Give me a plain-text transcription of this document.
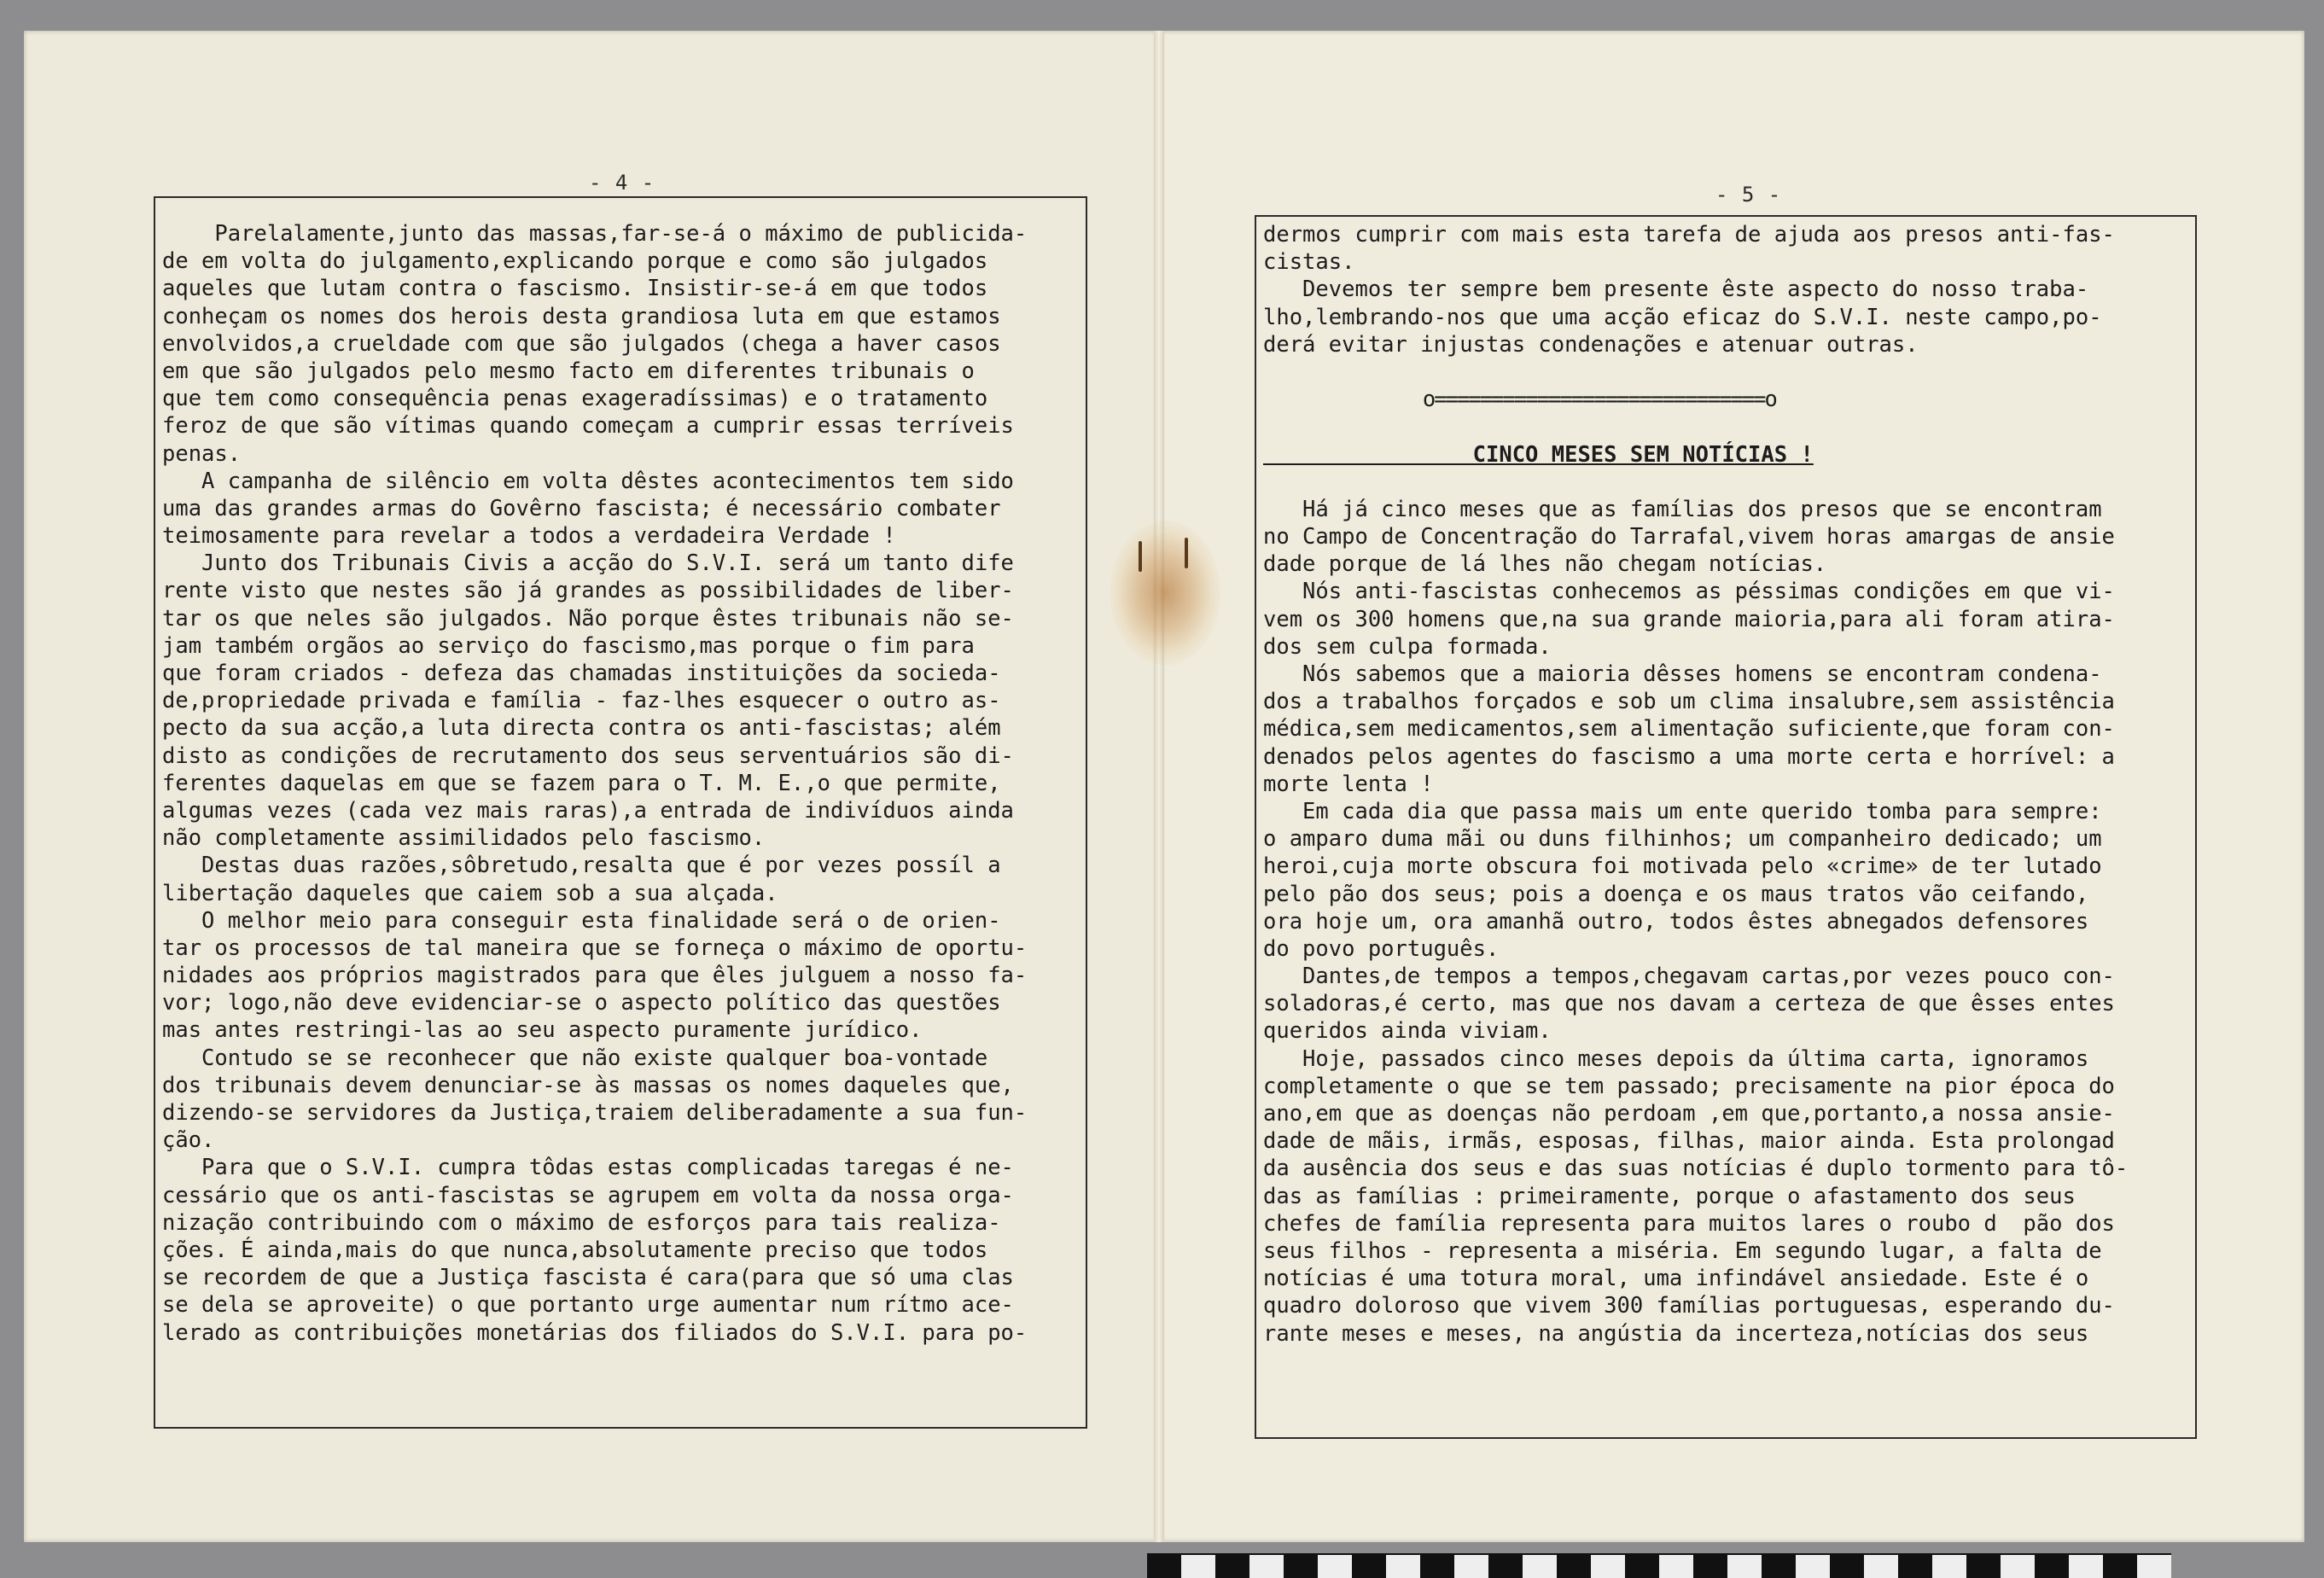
- 4 -	- 5 -
Parelalamente,junto das massas,far-se-á o máximo de publicida-
de em volta do julgamento,explicando porque e como são julgados
aqueles que lutam contra o fascismo. Insistir-se-á em que todos
conheçam os nomes dos herois desta grandiosa luta em que estamos
envolvidos,a crueldade com que são julgados (chega a haver casos
em que são julgados pelo mesmo facto em diferentes tribunais o
que tem como consequência penas exageradíssimas) e o tratamento
feroz de que são vítimas quando começam a cumprir essas terríveis
penas.
A campanha de silêncio em volta dêstes acontecimentos tem sido
uma das grandes armas do Govêrno fascista; é necessário combater
teimosamente para revelar a todos a verdadeira Verdade !
Junto dos Tribunais Civis a acção do S.V.I. será um tanto dife
rente visto que nestes são já grandes as possibilidades de liber-
tar os que neles são julgados. Não porque êstes tribunais não se-
jam também orgãos ao serviço do fascismo,mas porque o fim para
que foram criados - defeza das chamadas instituições da socieda-
de,propriedade privada e família - faz-lhes esquecer o outro as-
pecto da sua acção,a luta directa contra os anti-fascistas; além
disto as condições de recrutamento dos seus serventuários são di-
ferentes daquelas em que se fazem para o T. M. E.,o que permite,
algumas vezes (cada vez mais raras),a entrada de indivíduos ainda
não completamente assimilidados pelo fascismo.
Destas duas razões,sôbretudo,resalta que é por vezes possíl a
libertação daqueles que caiem sob a sua alçada.
O melhor meio para conseguir esta finalidade será o de orien-
tar os processos de tal maneira que se forneça o máximo de oportu-
nidades aos próprios magistrados para que êles julguem a nosso fa-
vor; logo,não deve evidenciar-se o aspecto político das questões
mas antes restringi-las ao seu aspecto puramente jurídico.
Contudo se se reconhecer que não existe qualquer boa-vontade
dos tribunais devem denunciar-se às massas os nomes daqueles que,
dizendo-se servidores da Justiça,traiem deliberadamente a sua fun-
ção.
Para que o S.V.I. cumpra tôdas estas complicadas taregas é ne-
cessário que os anti-fascistas se agrupem em volta da nossa orga-
nização contribuindo com o máximo de esforços para tais realiza-
ções. É ainda,mais do que nunca,absolutamente preciso que todos
se recordem de que a Justiça fascista é cara(para que só uma clas
se dela se aproveite) o que portanto urge aumentar num rítmo ace-
lerado as contribuições monetárias dos filiados do S.V.I. para po-
dermos cumprir com mais esta tarefa de ajuda aos presos anti-fas-
cistas.
Devemos ter sempre bem presente êste aspecto do nosso traba-
lho,lembrando-nos que uma acção eficaz do S.V.I. neste campo,po-
derá evitar injustas condenações e atenuar outras.
o=============================o
CINCO MESES SEM NOTÍCIAS !
Há já cinco meses que as famílias dos presos que se encontram
no Campo de Concentração do Tarrafal,vivem horas amargas de ansie
dade porque de lá lhes não chegam notícias.
Nós anti-fascistas conhecemos as péssimas condições em que vi-
vem os 300 homens que,na sua grande maioria,para ali foram atira-
dos sem culpa formada.
Nós sabemos que a maioria dêsses homens se encontram condena-
dos a trabalhos forçados e sob um clima insalubre,sem assistência
médica,sem medicamentos,sem alimentação suficiente,que foram con-
denados pelos agentes do fascismo a uma morte certa e horrível: a
morte lenta !
Em cada dia que passa mais um ente querido tomba para sempre:
o amparo duma mãi ou duns filhinhos; um companheiro dedicado; um
heroi,cuja morte obscura foi motivada pelo «crime» de ter lutado
pelo pão dos seus; pois a doença e os maus tratos vão ceifando,
ora hoje um, ora amanhã outro, todos êstes abnegados defensores
do povo português.
Dantes,de tempos a tempos,chegavam cartas,por vezes pouco con-
soladoras,é certo, mas que nos davam a certeza de que êsses entes
queridos ainda viviam.
Hoje, passados cinco meses depois da última carta, ignoramos
completamente o que se tem passado; precisamente na pior época do
ano,em que as doenças não perdoam ,em que,portanto,a nossa ansie-
dade de mãis, irmãs, esposas, filhas, maior ainda. Esta prolongad
da ausência dos seus e das suas notícias é duplo tormento para tô-
das as famílias : primeiramente, porque o afastamento dos seus
chefes de família representa para muitos lares o roubo d  pão dos
seus filhos - representa a miséria. Em segundo lugar, a falta de
notícias é uma totura moral, uma infindável ansiedade. Este é o
quadro doloroso que vivem 300 famílias portuguesas, esperando du-
rante meses e meses, na angústia da incerteza,notícias dos seus
